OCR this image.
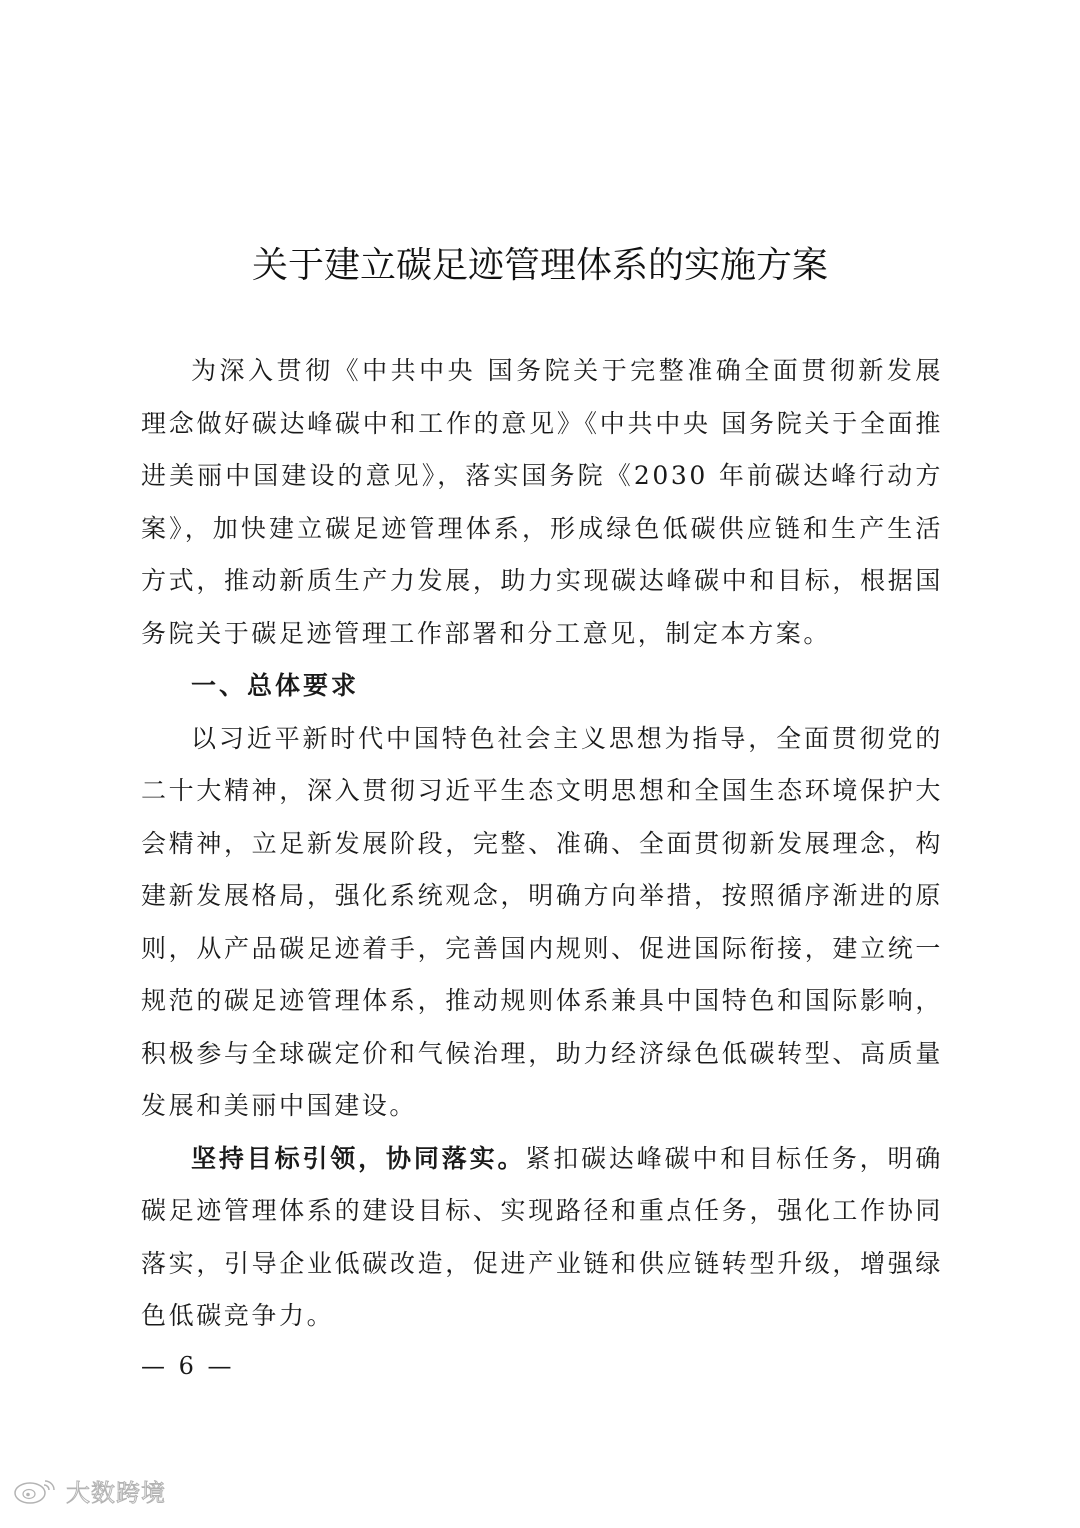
关于建立碳足迹管理体系的实施方案

为深入贯彻《中共中央 国务院关于完整准确全面贯彻新发展理念做好碳达峰碳中和工作的意见》《中共中央 国务院关于全面推进美丽中国建设的意见》，落实国务院《2030 年前碳达峰行动方案》，加快建立碳足迹管理体系，形成绿色低碳供应链和生产生活方式，推动新质生产力发展，助力实现碳达峰碳中和目标，根据国务院关于碳足迹管理工作部署和分工意见，制定本方案。

一、总体要求

以习近平新时代中国特色社会主义思想为指导，全面贯彻党的二十大精神，深入贯彻习近平生态文明思想和全国生态环境保护大会精神，立足新发展阶段，完整、准确、全面贯彻新发展理念，构建新发展格局，强化系统观念，明确方向举措，按照循序渐进的原则，从产品碳足迹着手，完善国内规则、促进国际衔接，建立统一规范的碳足迹管理体系，推动规则体系兼具中国特色和国际影响，积极参与全球碳定价和气候治理，助力经济绿色低碳转型、高质量发展和美丽中国建设。

坚持目标引领，协同落实。紧扣碳达峰碳中和目标任务，明确碳足迹管理体系的建设目标、实现路径和重点任务，强化工作协同落实，引导企业低碳改造，促进产业链和供应链转型升级，增强绿色低碳竞争力。

— 6 —
大数跨境
